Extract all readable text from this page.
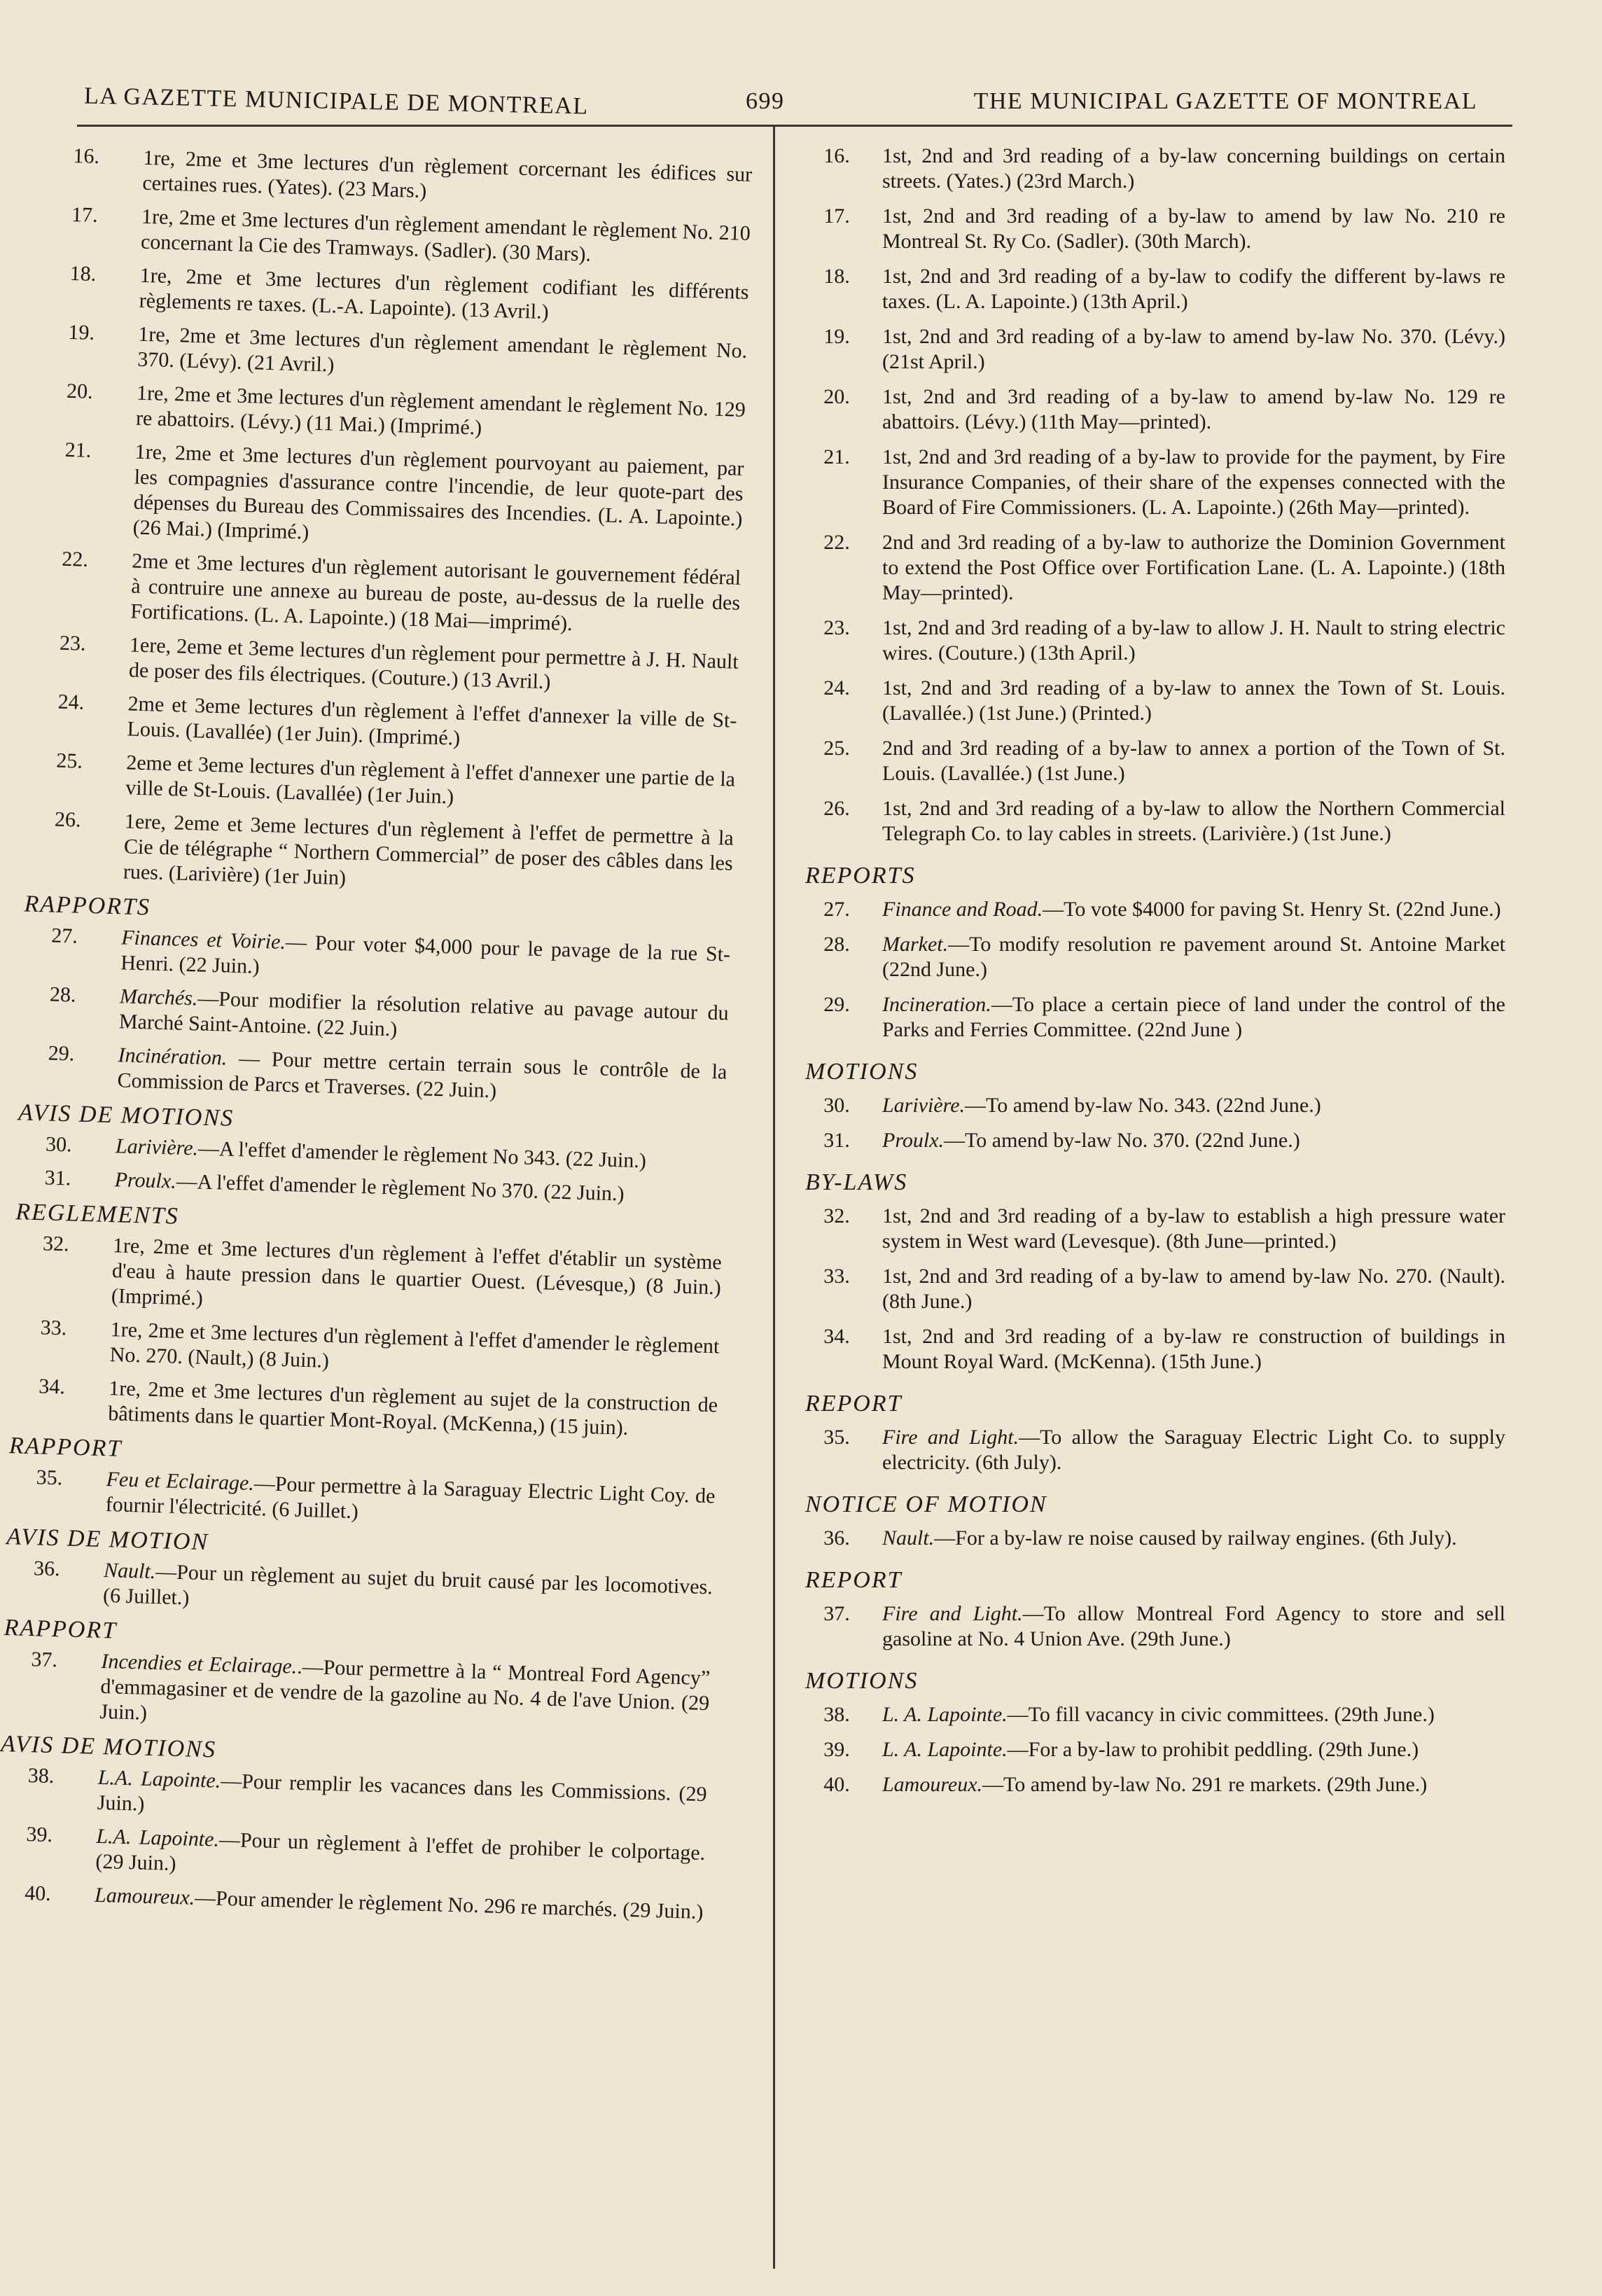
LA GAZETTE MUNICIPALE DE MONTREAL	699	THE MUNICIPAL GAZETTE OF MONTREAL
16.	1re, 2me et 3me lectures d'un règlement corcernant les édifices sur certaines rues. (Yates). (23 Mars.)
17.	1re, 2me et 3me lectures d'un règlement amendant le règlement No. 210 concernant la Cie des Tramways. (Sadler). (30 Mars).
18.	1re, 2me et 3me lectures d'un règlement codifiant les différents règlements re taxes. (L.-A. Lapointe). (13 Avril.)
19.	1re, 2me et 3me lectures d'un règlement amendant le règlement No. 370. (Lévy). (21 Avril.)
20.	1re, 2me et 3me lectures d'un règlement amendant le règlement No. 129 re abattoirs. (Lévy.) (11 Mai.) (Imprimé.)
21.	1re, 2me et 3me lectures d'un règlement pourvoyant au paiement, par les compagnies d'assurance contre l'incendie, de leur quote-part des dépenses du Bureau des Commissaires des Incendies. (L. A. Lapointe.) (26 Mai.) (Imprimé.)
22.	2me et 3me lectures d'un règlement autorisant le gouvernement fédéral à contruire une annexe au bureau de poste, au-dessus de la ruelle des Fortifications. (L. A. Lapointe.) (18 Mai—imprimé).
23.	1ere, 2eme et 3eme lectures d'un règlement pour permettre à J. H. Nault de poser des fils électriques. (Couture.) (13 Avril.)
24.	2me et 3eme lectures d'un règlement à l'effet d'annexer la ville de St-Louis. (Lavallée) (1er Juin). (Imprimé.)
25.	2eme et 3eme lectures d'un règlement à l'effet d'annexer une partie de la ville de St-Louis. (Lavallée) (1er Juin.)
26.	1ere, 2eme et 3eme lectures d'un règlement à l'effet de permettre à la Cie de télégraphe “ Northern Commercial” de poser des câbles dans les rues. (Larivière) (1er Juin)
RAPPORTS
27.	Finances et Voirie.— Pour voter $4,000 pour le pavage de la rue St-Henri. (22 Juin.)
28.	Marchés.—Pour modifier la résolution relative au pavage autour du Marché Saint-Antoine. (22 Juin.)
29.	Incinération. — Pour mettre certain terrain sous le contrôle de la Commission de Parcs et Traverses. (22 Juin.)
AVIS DE MOTIONS
30.	Larivière.—A l'effet d'amender le règlement No 343. (22 Juin.)
31.	Proulx.—A l'effet d'amender le règlement No 370. (22 Juin.)
REGLEMENTS
32.	1re, 2me et 3me lectures d'un règlement à l'effet d'établir un système d'eau à haute pression dans le quartier Ouest. (Lévesque,) (8 Juin.) (Imprimé.)
33.	1re, 2me et 3me lectures d'un règlement à l'effet d'amender le règlement No. 270. (Nault,) (8 Juin.)
34.	1re, 2me et 3me lectures d'un règlement au sujet de la construction de bâtiments dans le quartier Mont-Royal. (McKenna,) (15 juin).
RAPPORT
35.	Feu et Eclairage.—Pour permettre à la Saraguay Electric Light Coy. de fournir l'électricité. (6 Juillet.)
AVIS DE MOTION
36.	Nault.—Pour un règlement au sujet du bruit causé par les locomotives. (6 Juillet.)
RAPPORT
37.	Incendies et Eclairage..—Pour permettre à la “ Montreal Ford Agency” d'emmagasiner et de vendre de la gazoline au No. 4 de l'ave Union. (29 Juin.)
AVIS DE MOTIONS
38.	L.A. Lapointe.—Pour remplir les vacances dans les Commissions. (29 Juin.)
39.	L.A. Lapointe.—Pour un règlement à l'effet de prohiber le colportage. (29 Juin.)
40.	Lamoureux.—Pour amender le règlement No. 296 re marchés. (29 Juin.)
16.	1st, 2nd and 3rd reading of a by-law concerning buildings on certain streets. (Yates.) (23rd March.)
17.	1st, 2nd and 3rd reading of a by-law to amend by law No. 210 re Montreal St. Ry Co. (Sadler). (30th March).
18.	1st, 2nd and 3rd reading of a by-law to codify the different by-laws re taxes. (L. A. Lapointe.) (13th April.)
19.	1st, 2nd and 3rd reading of a by-law to amend by-law No. 370. (Lévy.) (21st April.)
20.	1st, 2nd and 3rd reading of a by-law to amend by-law No. 129 re abattoirs. (Lévy.) (11th May—printed).
21.	1st, 2nd and 3rd reading of a by-law to provide for the payment, by Fire Insurance Companies, of their share of the expenses connected with the Board of Fire Commissioners. (L. A. Lapointe.) (26th May—printed).
22.	2nd and 3rd reading of a by-law to authorize the Dominion Government to extend the Post Office over Fortification Lane. (L. A. Lapointe.) (18th May—printed).
23.	1st, 2nd and 3rd reading of a by-law to allow J. H. Nault to string electric wires. (Couture.) (13th April.)
24.	1st, 2nd and 3rd reading of a by-law to annex the Town of St. Louis. (Lavallée.) (1st June.) (Printed.)
25.	2nd and 3rd reading of a by-law to annex a portion of the Town of St. Louis. (Lavallée.) (1st June.)
26.	1st, 2nd and 3rd reading of a by-law to allow the Northern Commercial Telegraph Co. to lay cables in streets. (Larivière.) (1st June.)
REPORTS
27.	Finance and Road.—To vote $4000 for paving St. Henry St. (22nd June.)
28.	Market.—To modify resolution re pavement around St. Antoine Market (22nd June.)
29.	Incineration.—To place a certain piece of land under the control of the Parks and Ferries Committee. (22nd June )
MOTIONS
30.	Larivière.—To amend by-law No. 343. (22nd June.)
31.	Proulx.—To amend by-law No. 370. (22nd June.)
BY-LAWS
32.	1st, 2nd and 3rd reading of a by-law to establish a high pressure water system in West ward (Levesque). (8th June—printed.)
33.	1st, 2nd and 3rd reading of a by-law to amend by-law No. 270. (Nault). (8th June.)
34.	1st, 2nd and 3rd reading of a by-law re construction of buildings in Mount Royal Ward. (McKenna). (15th June.)
REPORT
35.	Fire and Light.—To allow the Saraguay Electric Light Co. to supply electricity. (6th July).
NOTICE OF MOTION
36.	Nault.—For a by-law re noise caused by railway engines. (6th July).
REPORT
37.	Fire and Light.—To allow Montreal Ford Agency to store and sell gasoline at No. 4 Union Ave. (29th June.)
MOTIONS
38.	L. A. Lapointe.—To fill vacancy in civic committees. (29th June.)
39.	L. A. Lapointe.—For a by-law to prohibit peddling. (29th June.)
40.	Lamoureux.—To amend by-law No. 291 re markets. (29th June.)
